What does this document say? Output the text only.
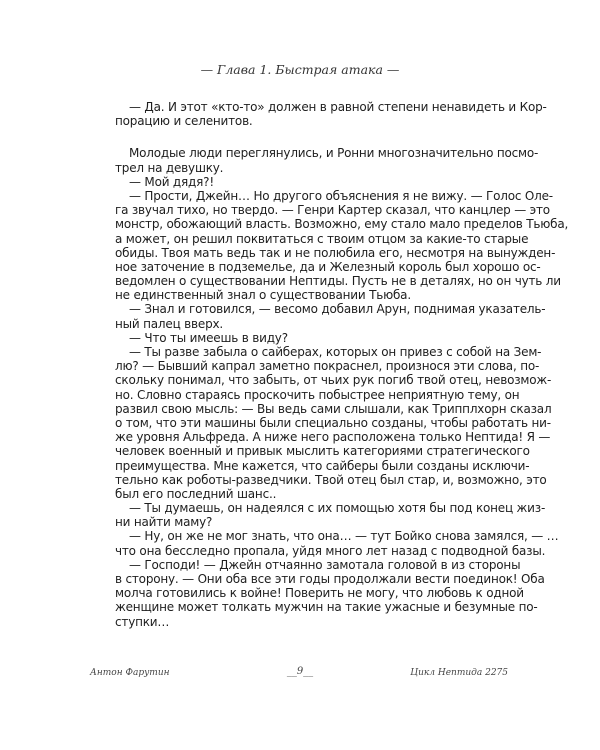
— Глава 1. Быстрая атака —
— Да. И этот «кто-то» должен в равной степени ненавидеть и Кор-
порацию и селенитов.
Молодые люди переглянулись, и Ронни многозначительно посмо-
трел на девушку.
— Мой дядя?!
— Прости, Джейн… Но другого объяснения я не вижу. — Голос Оле-
га звучал тихо, но твердо. — Генри Картер сказал, что канцлер — это
монстр, обожающий власть. Возможно, ему стало мало пределов Тьюба,
а может, он решил поквитаться с твоим отцом за какие-то старые
обиды. Твоя мать ведь так и не полюбила его, несмотря на вынужден-
ное заточение в подземелье, да и Железный король был хорошо ос-
ведомлен о существовании Нептиды. Пусть не в деталях, но он чуть ли
не единственный знал о существовании Тьюба.
— Знал и готовился, — весомо добавил Арун, поднимая указатель-
ный палец вверх.
— Что ты имеешь в виду?
— Ты разве забыла о сайберах, которых он привез с собой на Зем-
лю? — Бывший капрал заметно покраснел, произнося эти слова, по-
скольку понимал, что забыть, от чьих рук погиб твой отец, невозмож-
но. Словно стараясь проскочить побыстрее неприятную тему, он
развил свою мысль: — Вы ведь сами слышали, как Трипплхорн сказал
о том, что эти машины были специально созданы, чтобы работать ни-
же уровня Альфреда. А ниже него расположена только Нептида! Я —
человек военный и привык мыслить категориями стратегического
преимущества. Мне кажется, что сайберы были созданы исключи-
тельно как роботы-разведчики. Твой отец был стар, и, возможно, это
был его последний шанс..
— Ты думаешь, он надеялся с их помощью хотя бы под конец жиз-
ни найти маму?
— Ну, он же не мог знать, что она… — тут Бойко снова замялся, — …
что она бесследно пропала, уйдя много лет назад с подводной базы.
— Господи! — Джейн отчаянно замотала головой в из стороны
в сторону. — Они оба все эти годы продолжали вести поединок! Оба
молча готовились к войне! Поверить не могу, что любовь к одной
женщине может толкать мужчин на такие ужасные и безумные по-
ступки…
Антон Фарутин	__9__	Цикл Нептида 2275
